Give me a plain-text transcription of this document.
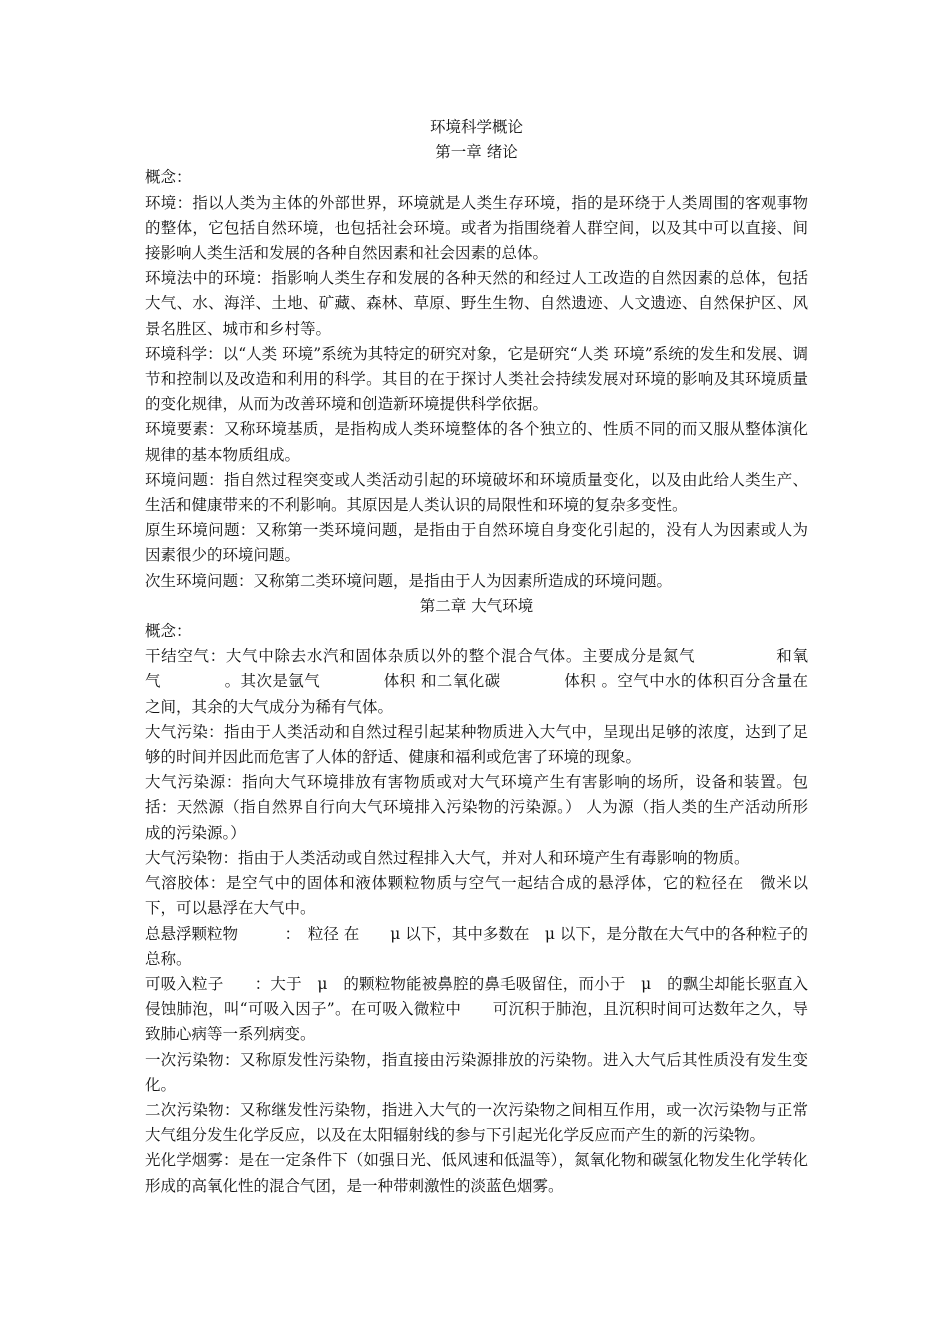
环境科学概论

第一章 绪论

概念：

环境：指以人类为主体的外部世界，环境就是人类生存环境，指的是环绕于人类周围的客观事物的整体，它包括自然环境，也包括社会环境。或者为指围绕着人群空间，以及其中可以直接、间接影响人类生活和发展的各种自然因素和社会因素的总体。

环境法中的环境：指影响人类生存和发展的各种天然的和经过人工改造的自然因素的总体，包括大气、水、海洋、土地、矿藏、森林、草原、野生生物、自然遗迹、人文遗迹、自然保护区、风景名胜区、城市和乡村等。

环境科学：以“人类 环境”系统为其特定的研究对象，它是研究“人类 环境”系统的发生和发展、调节和控制以及改造和利用的科学。其目的在于探讨人类社会持续发展对环境的影响及其环境质量的变化规律，从而为改善环境和创造新环境提供科学依据。

环境要素：又称环境基质，是指构成人类环境整体的各个独立的、性质不同的而又服从整体演化规律的基本物质组成。

环境问题：指自然过程突变或人类活动引起的环境破坏和环境质量变化，以及由此给人类生产、生活和健康带来的不利影响。其原因是人类认识的局限性和环境的复杂多变性。

原生环境问题：又称第一类环境问题，是指由于自然环境自身变化引起的，没有人为因素或人为因素很少的环境问题。

次生环境问题：又称第二类环境问题，是指由于人为因素所造成的环境问题。

第二章 大气环境

概念：

干结空气：大气中除去水汽和固体杂质以外的整个混合气体。主要成分是氮气　　　　　和氧气　　　　。其次是氩气　　　　体积 和二氧化碳　　　　体积 。空气中水的体积百分含量在　　　　之间，其余的大气成分为稀有气体。

大气污染：指由于人类活动和自然过程引起某种物质进入大气中，呈现出足够的浓度，达到了足够的时间并因此而危害了人体的舒适、健康和福利或危害了环境的现象。

大气污染源：指向大气环境排放有害物质或对大气环境产生有害影响的场所，设备和装置。包括：天然源（指自然界自行向大气环境排入污染物的污染源。） 人为源（指人类的生产活动所形成的污染源。）

大气污染物：指由于人类活动或自然过程排入大气，并对人和环境产生有毒影响的物质。

气溶胶体：是空气中的固体和液体颗粒物质与空气一起结合成的悬浮体，它的粒径在　微米以下，可以悬浮在大气中。

总悬浮颗粒物　　　：　粒径 在　　μ 以下，其中多数在　μ 以下，是分散在大气中的各种粒子的总称。

可吸入粒子　　：大于　μ　的颗粒物能被鼻腔的鼻毛吸留住，而小于　μ　的飘尘却能长驱直入侵蚀肺泡，叫“可吸入因子”。在可吸入微粒中　　可沉积于肺泡，且沉积时间可达数年之久，导致肺心病等一系列病变。

一次污染物：又称原发性污染物，指直接由污染源排放的污染物。进入大气后其性质没有发生变化。

二次污染物：又称继发性污染物，指进入大气的一次污染物之间相互作用，或一次污染物与正常大气组分发生化学反应，以及在太阳辐射线的参与下引起光化学反应而产生的新的污染物。

光化学烟雾：是在一定条件下（如强日光、低风速和低温等），氮氧化物和碳氢化物发生化学转化形成的高氧化性的混合气团，是一种带刺激性的淡蓝色烟雾。
